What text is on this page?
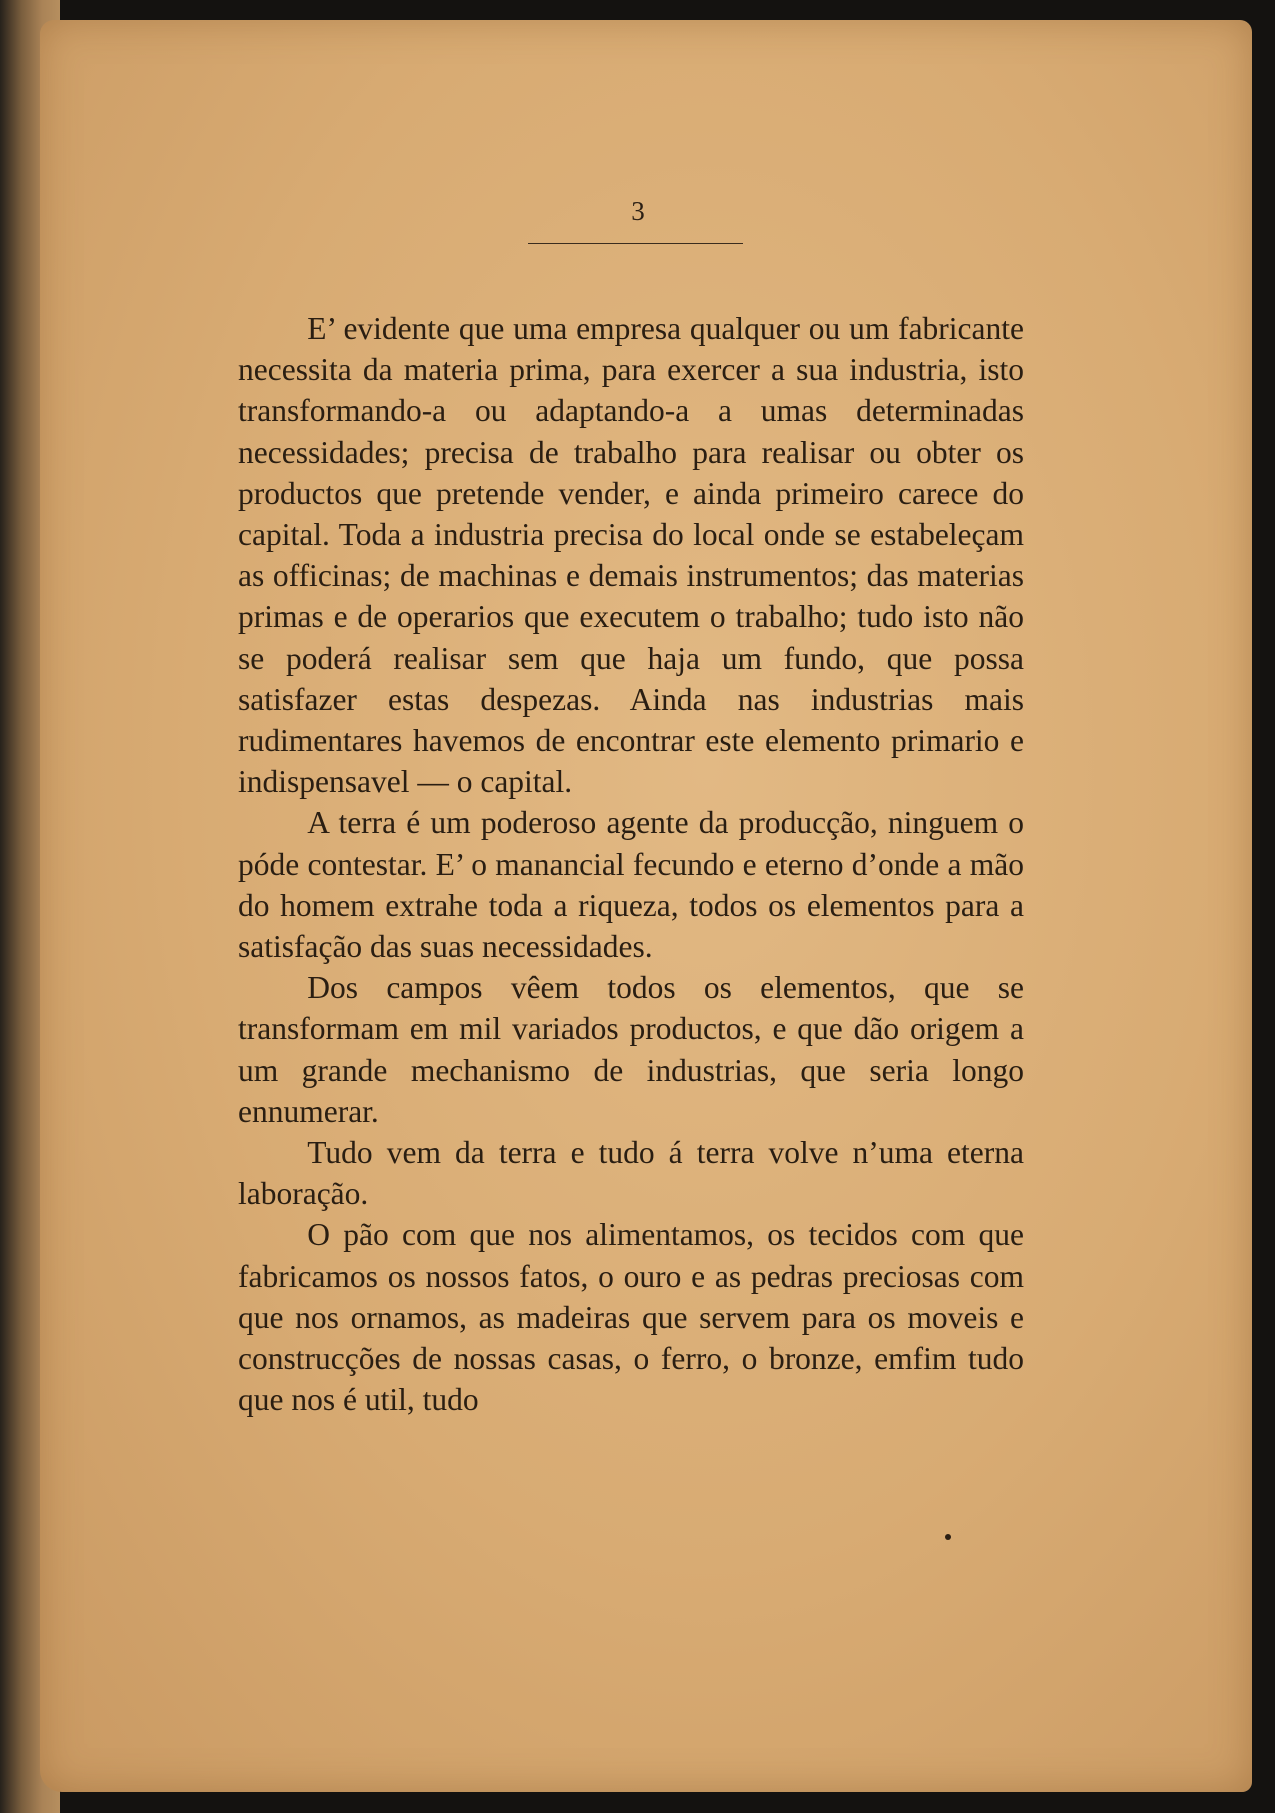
3

E’ evidente que uma empresa qualquer ou um fabricante necessita da materia prima, para exercer a sua industria, isto transformando-a ou adaptando-a a umas determinadas necessidades; precisa de trabalho para realisar ou obter os productos que pretende vender, e ainda primeiro carece do capital. Toda a industria precisa do local onde se estabeleçam as officinas; de machinas e demais instrumentos; das materias primas e de operarios que executem o trabalho; tudo isto não se poderá realisar sem que haja um fundo, que possa satisfazer estas despezas. Ainda nas industrias mais rudimentares havemos de encontrar este elemento primario e indispensavel — o capital.

A terra é um poderoso agente da producção, ninguem o póde contestar. E’ o manancial fecundo e eterno d’onde a mão do homem extrahe toda a riqueza, todos os elementos para a satisfação das suas necessidades.

Dos campos vêem todos os elementos, que se transformam em mil variados productos, e que dão origem a um grande mechanismo de industrias, que seria longo ennumerar.

Tudo vem da terra e tudo á terra volve n’uma eterna laboração.

O pão com que nos alimentamos, os tecidos com que fabricamos os nossos fatos, o ouro e as pedras preciosas com que nos ornamos, as madeiras que servem para os moveis e construcções de nossas casas, o ferro, o bronze, emfim tudo que nos é util, tudo
